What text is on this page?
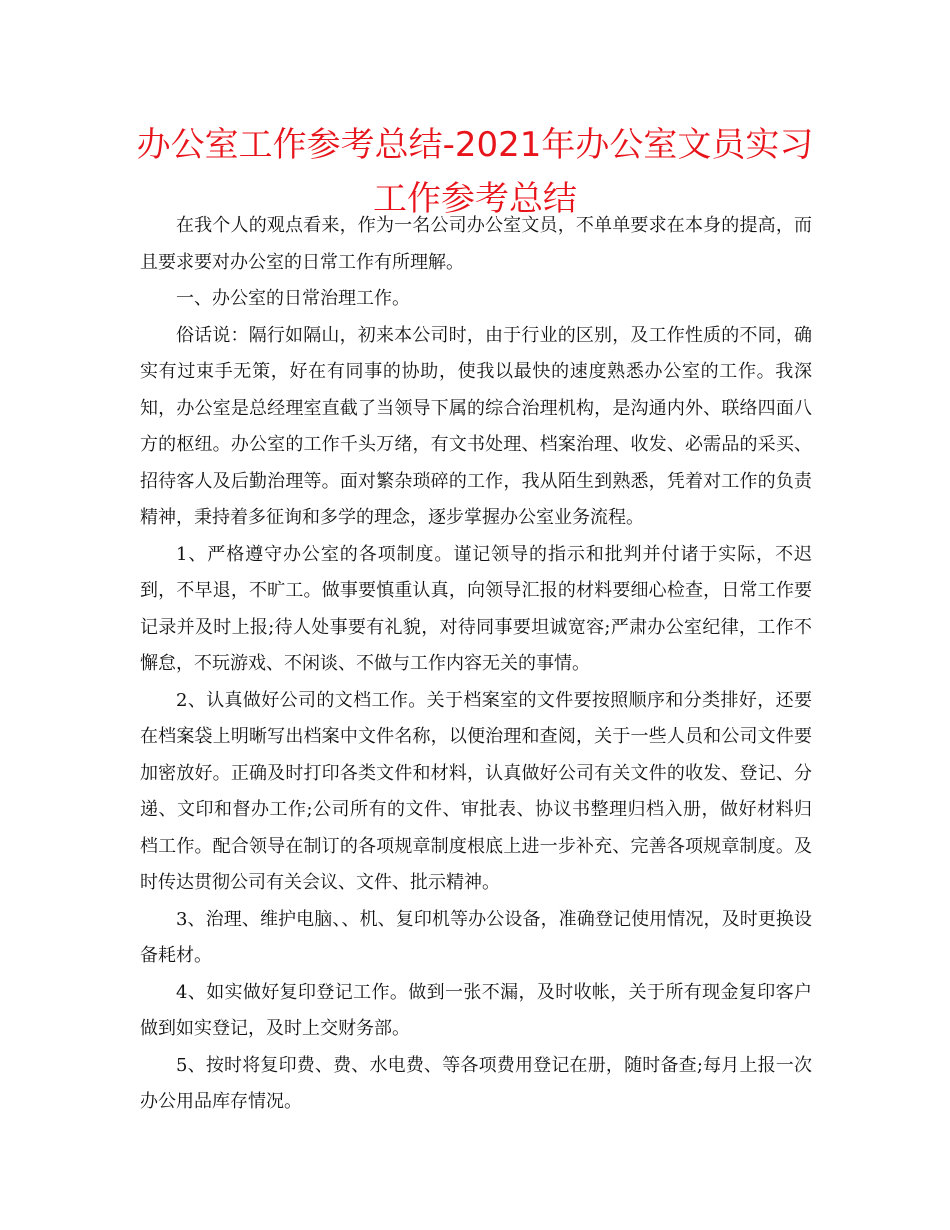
办公室工作参考总结-2021年办公室文员实习工作参考总结

在我个人的观点看来，作为一名公司办公室文员，不单单要求在本身的提高，而且要求要对办公室的日常工作有所理解。

一、办公室的日常治理工作。

俗话说：隔行如隔山，初来本公司时，由于行业的区别，及工作性质的不同，确实有过束手无策，好在有同事的协助，使我以最快的速度熟悉办公室的工作。我深知，办公室是总经理室直截了当领导下属的综合治理机构，是沟通内外、联络四面八方的枢纽。办公室的工作千头万绪，有文书处理、档案治理、收发、必需品的采买、招待客人及后勤治理等。面对繁杂琐碎的工作，我从陌生到熟悉，凭着对工作的负责精神，秉持着多征询和多学的理念，逐步掌握办公室业务流程。

1、严格遵守办公室的各项制度。谨记领导的指示和批判并付诸于实际，不迟到，不早退，不旷工。做事要慎重认真，向领导汇报的材料要细心检查，日常工作要记录并及时上报;待人处事要有礼貌，对待同事要坦诚宽容;严肃办公室纪律，工作不懈怠，不玩游戏、不闲谈、不做与工作内容无关的事情。

2、认真做好公司的文档工作。关于档案室的文件要按照顺序和分类排好，还要在档案袋上明晰写出档案中文件名称，以便治理和查阅，关于一些人员和公司文件要加密放好。正确及时打印各类文件和材料，认真做好公司有关文件的收发、登记、分递、文印和督办工作;公司所有的文件、审批表、协议书整理归档入册，做好材料归档工作。配合领导在制订的各项规章制度根底上进一步补充、完善各项规章制度。及时传达贯彻公司有关会议、文件、批示精神。

3、治理、维护电脑、、机、复印机等办公设备，准确登记使用情况，及时更换设备耗材。

4、如实做好复印登记工作。做到一张不漏，及时收帐，关于所有现金复印客户做到如实登记，及时上交财务部。

5、按时将复印费、费、水电费、等各项费用登记在册，随时备查;每月上报一次办公用品库存情况。
